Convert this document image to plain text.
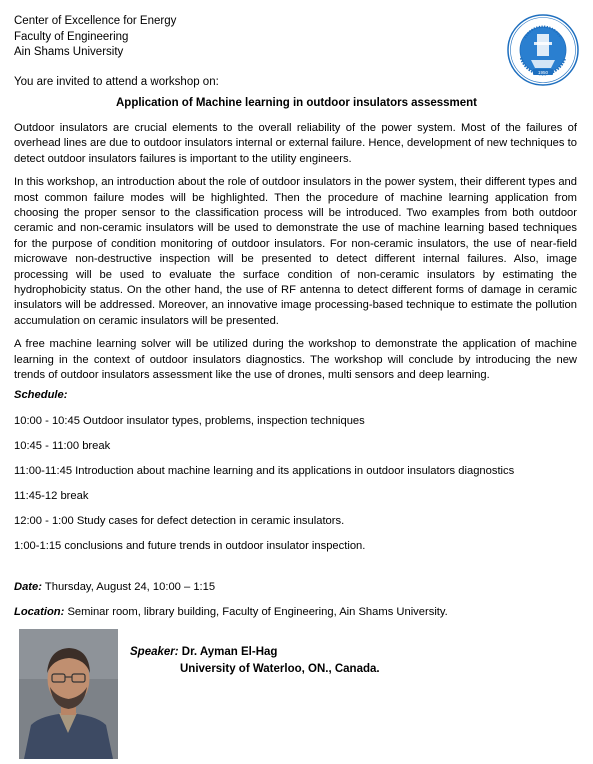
Center of Excellence for Energy
Faculty of Engineering
Ain Shams University
1950
You are invited to attend a workshop on:
Application of Machine learning in outdoor insulators assessment

Outdoor insulators are crucial elements to the overall reliability of the power system. Most of the failures of overhead lines are due to outdoor insulators internal or external failure. Hence, development of new techniques to detect outdoor insulators failures is important to the utility engineers.

In this workshop, an introduction about the role of outdoor insulators in the power system, their different types and most common failure modes will be highlighted. Then the procedure of machine learning application from choosing the proper sensor to the classification process will be introduced. Two examples from both outdoor ceramic and non-ceramic insulators will be used to demonstrate the use of machine learning based techniques for the purpose of condition monitoring of outdoor insulators. For non-ceramic insulators, the use of near-field microwave non-destructive inspection will be presented to detect different internal failures. Also, image processing will be used to evaluate the surface condition of non-ceramic insulators by estimating the hydrophobicity status. On the other hand, the use of RF antenna to detect different forms of damage in ceramic insulators will be addressed. Moreover, an innovative image processing-based technique to estimate the pollution accumulation on ceramic insulators will be presented.

A free machine learning solver will be utilized during the workshop to demonstrate the application of machine learning in the context of outdoor insulators diagnostics. The workshop will conclude by introducing the new trends of outdoor insulators assessment like the use of drones, multi sensors and deep learning.

Schedule:
10:00 - 10:45 Outdoor insulator types, problems, inspection techniques
10:45 - 11:00 break
11:00-11:45 Introduction about machine learning and its applications in outdoor insulators diagnostics
11:45-12 break
12:00 - 1:00 Study cases for defect detection in ceramic insulators.
1:00-1:15 conclusions and future trends in outdoor insulator inspection.
Date: Thursday, August 24, 10:00 – 1:15
Location: Seminar room, library building, Faculty of Engineering, Ain Shams University.
Speaker: Dr. Ayman El-Hag
University of Waterloo, ON., Canada.
